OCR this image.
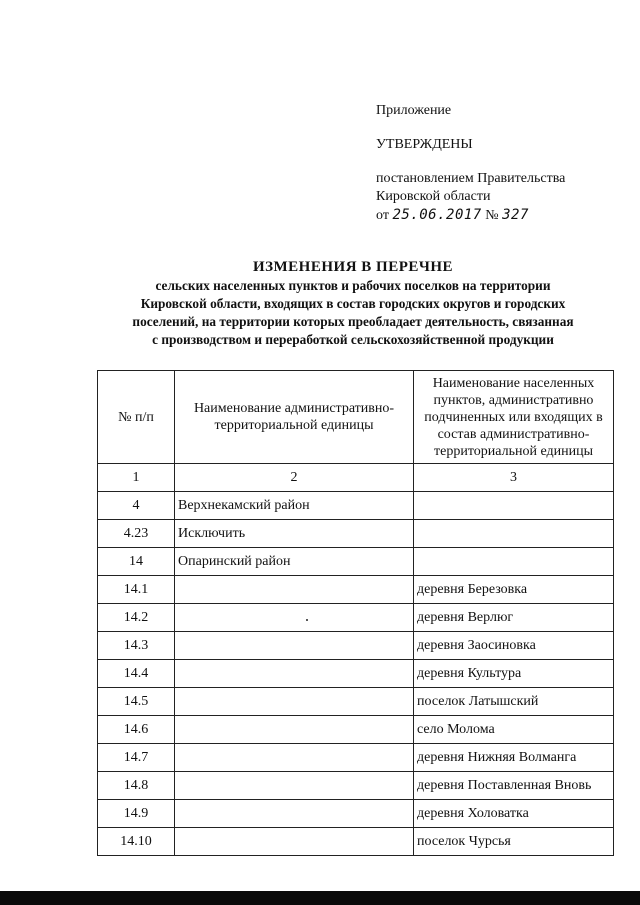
Приложение
УТВЕРЖДЕНЫ
постановлением Правительства
Кировской области
от 25.06.2017 № 327
ИЗМЕНЕНИЯ В ПЕРЕЧНЕ
сельских населенных пунктов и рабочих поселков на территории
Кировской области, входящих в состав городских округов и городских
поселений, на территории которых преобладает деятельность, связанная
с производством и переработкой сельскохозяйственной продукции
№ п/п	Наименование административно-территориальной единицы	Наименование населенных пунктов, административно подчиненных или входящих в состав административно-территориальной единицы
1	2	3
4	Верхнекамский район	
4.23	Исключить	
14	Опаринский район	
14.1		деревня Березовка
14.2		деревня Верлюг
14.3		деревня Заосиновка
14.4		деревня Культура
14.5		поселок Латышский
14.6		село Молома
14.7		деревня Нижняя Волманга
14.8		деревня Поставленная Вновь
14.9		деревня Холоватка
14.10		поселок Чурсья
